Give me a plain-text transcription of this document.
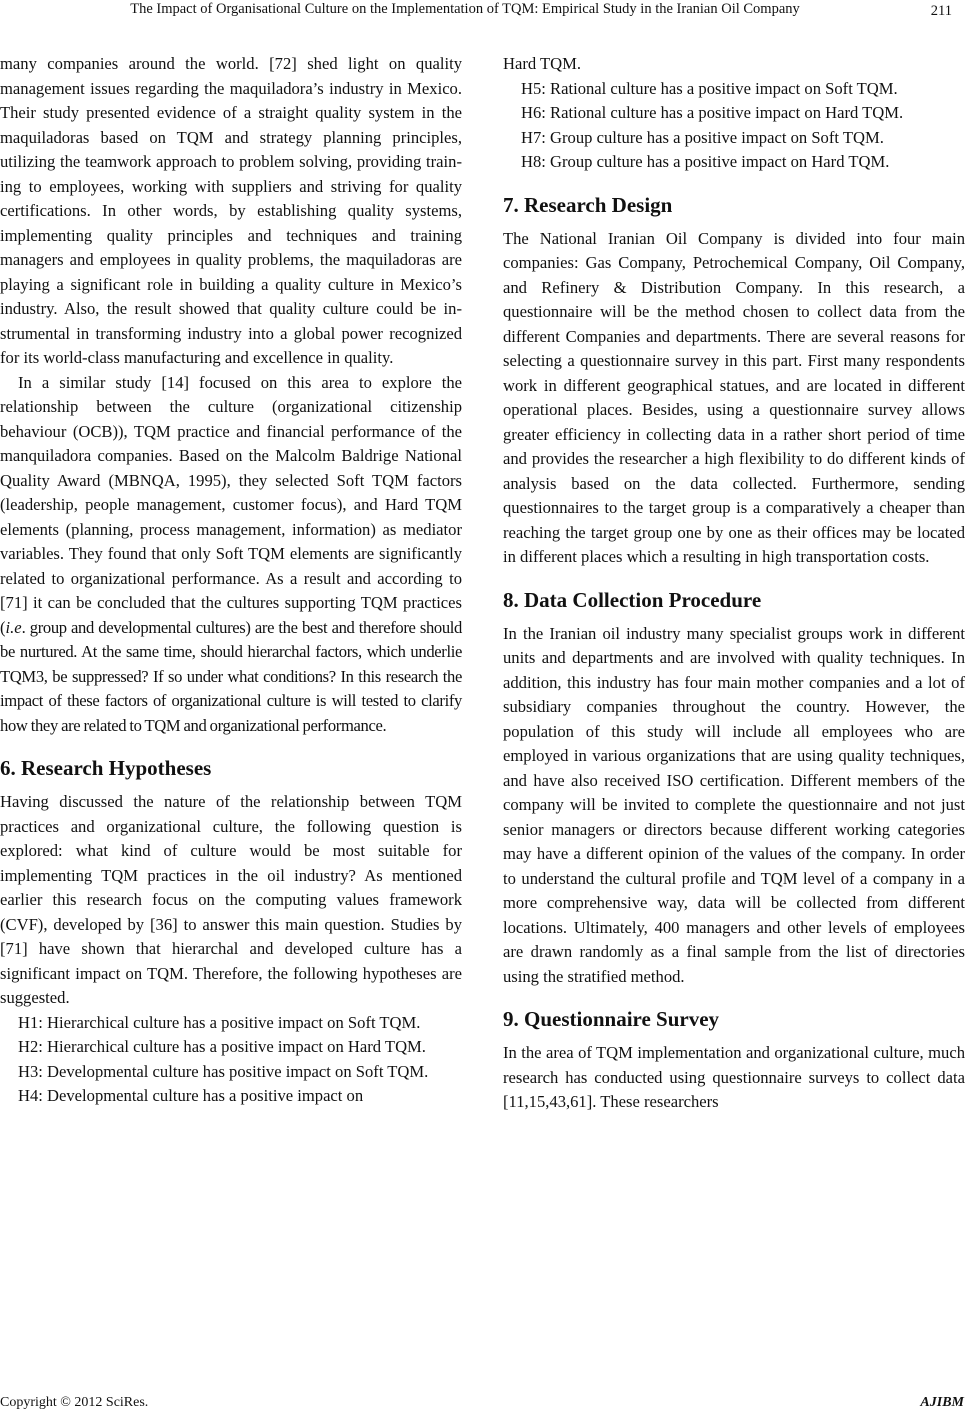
The Impact of Organisational Culture on the Implementation of TQM: Empirical Study in the Iranian Oil Company	211

many companies around the world. [72] shed light on quality management issues regarding the maquiladora’s industry in Mexico. Their study presented evidence of a straight quality system in the maquiladoras based on TQM and strategy planning principles, utilizing the teamwork approach to problem solving, providing training to employees, working with suppliers and striving for quality certifications. In other words, by establishing quality systems, implementing quality principles and techniques and training managers and employees in quality problems, the maquiladoras are playing a significant role in building a quality culture in Mexico’s industry. Also, the result showed that quality culture could be instrumental in transforming industry into a global power recognized for its world-class manufacturing and excellence in quality.

In a similar study [14] focused on this area to explore the relationship between the culture (organizational citizenship behaviour (OCB)), TQM practice and financial performance of the manquiladora companies. Based on the Malcolm Baldrige National Quality Award (MBNQA, 1995), they selected Soft TQM factors (leadership, people management, customer focus), and Hard TQM elements (planning, process management, information) as mediator variables. They found that only Soft TQM elements are significantly related to organizational performance. As a result and according to [71] it can be concluded that the cultures supporting TQM practices (i.e. group and developmental cultures) are the best and therefore should be nurtured. At the same time, should hierarchal factors, which underlie TQM3, be suppressed? If so under what conditions? In this research the impact of these factors of organizational culture is will tested to clarify how they are related to TQM and organizational performance.

6. Research Hypotheses

Having discussed the nature of the relationship between TQM practices and organizational culture, the following question is explored: what kind of culture would be most suitable for implementing TQM practices in the oil industry? As mentioned earlier this research focus on the computing values framework (CVF), developed by [36] to answer this main question. Studies by [71] have shown that hierarchal and developed culture has a significant impact on TQM. Therefore, the following hypotheses are suggested.

H1: Hierarchical culture has a positive impact on Soft TQM.

H2: Hierarchical culture has a positive impact on Hard TQM.

H3: Developmental culture has positive impact on Soft TQM.

H4: Developmental culture has a positive impact on

Hard TQM.

H5: Rational culture has a positive impact on Soft TQM.

H6: Rational culture has a positive impact on Hard TQM.

H7: Group culture has a positive impact on Soft TQM.

H8: Group culture has a positive impact on Hard TQM.

7. Research Design

The National Iranian Oil Company is divided into four main companies: Gas Company, Petrochemical Company, Oil Company, and Refinery & Distribution Company. In this research, a questionnaire will be the method chosen to collect data from the different Companies and departments. There are several reasons for selecting a questionnaire survey in this part. First many respondents work in different geographical statues, and are located in different operational places. Besides, using a questionnaire survey allows greater efficiency in collecting data in a rather short period of time and provides the researcher a high flexibility to do different kinds of analysis based on the data collected. Furthermore, sending questionnaires to the target group is a comparatively a cheaper than reaching the target group one by one as their offices may be located in different places which a resulting in high transportation costs.

8. Data Collection Procedure

In the Iranian oil industry many specialist groups work in different units and departments and are involved with quality techniques. In addition, this industry has four main mother companies and a lot of subsidiary companies throughout the country. However, the population of this study will include all employees who are employed in various organizations that are using quality techniques, and have also received ISO certification. Different members of the company will be invited to complete the questionnaire and not just senior managers or directors because different working categories may have a different opinion of the values of the company. In order to understand the cultural profile and TQM level of a company in a more comprehensive way, data will be collected from different locations. Ultimately, 400 managers and other levels of employees are drawn randomly as a final sample from the list of directories using the stratified method.

9. Questionnaire Survey

In the area of TQM implementation and organizational culture, much research has conducted using questionnaire surveys to collect data [11,15,43,61]. These researchers

Copyright © 2012 SciRes.	AJIBM
